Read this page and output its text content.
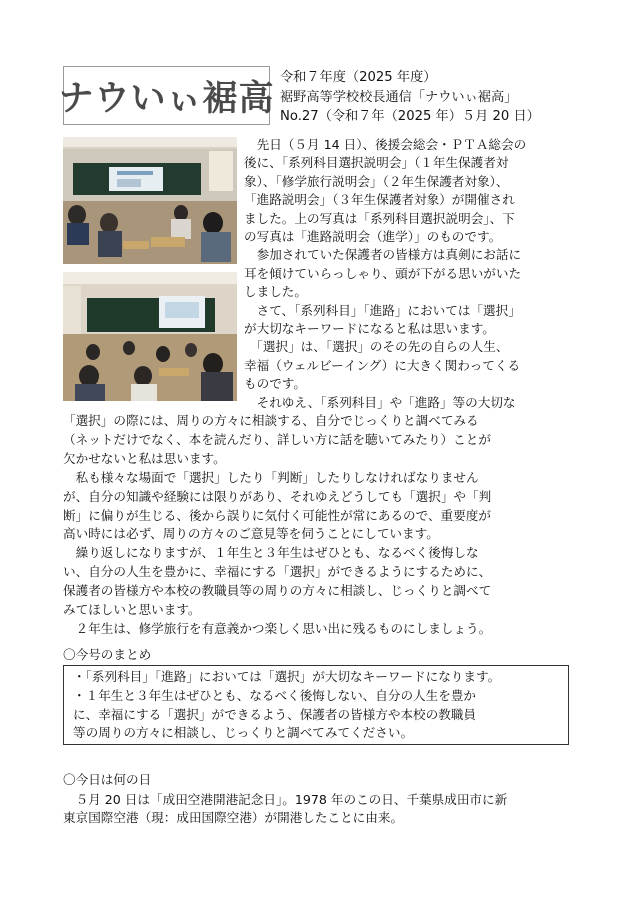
ナウいぃ裾高
令和７年度（2025 年度）
裾野高等学校校長通信「ナウいぃ裾高」
No.27（令和７年（2025 年）５月 20 日）
　先日（５月 14 日）、後援会総会・ＰＴＡ総会の
後に、「系列科目選択説明会」（１年生保護者対
象）、「修学旅行説明会」（２年生保護者対象）、
「進路説明会」（３年生保護者対象）が開催され
ました。上の写真は「系列科目選択説明会」、下
の写真は「進路説明会（進学）」のものです。
　参加されていた保護者の皆様方は真剣にお話に
耳を傾けていらっしゃり、頭が下がる思いがいた
しました。
　さて、「系列科目」「進路」においては「選択」
が大切なキーワードになると私は思います。
　「選択」は、「選択」のその先の自らの人生、
幸福（ウェルビーイング）に大きく関わってくる
ものです。
　それゆえ、「系列科目」や「進路」等の大切な
「選択」の際には、周りの方々に相談する、自分でじっくりと調べてみる
（ネットだけでなく、本を読んだり、詳しい方に話を聴いてみたり）ことが
欠かせないと私は思います。
　私も様々な場面で「選択」したり「判断」したりしなければなりません
が、自分の知識や経験には限りがあり、それゆえどうしても「選択」や「判
断」に偏りが生じる、後から誤りに気付く可能性が常にあるので、重要度が
高い時には必ず、周りの方々のご意見等を伺うことにしています。
　繰り返しになりますが、１年生と３年生はぜひとも、なるべく後悔しな
い、自分の人生を豊かに、幸福にする「選択」ができるようにするために、
保護者の皆様方や本校の教職員等の周りの方々に相談し、じっくりと調べて
みてほしいと思います。
　２年生は、修学旅行を有意義かつ楽しく思い出に残るものにしましょう。
〇今号のまとめ
・「系列科目」「進路」においては「選択」が大切なキーワードになります。
・１年生と３年生はぜひとも、なるべく後悔しない、自分の人生を豊か
に、幸福にする「選択」ができるよう、保護者の皆様方や本校の教職員
等の周りの方々に相談し、じっくりと調べてみてください。
〇今日は何の日
　５月 20 日は「成田空港開港記念日」。1978 年のこの日、千葉県成田市に新
東京国際空港（現：成田国際空港）が開港したことに由来。
